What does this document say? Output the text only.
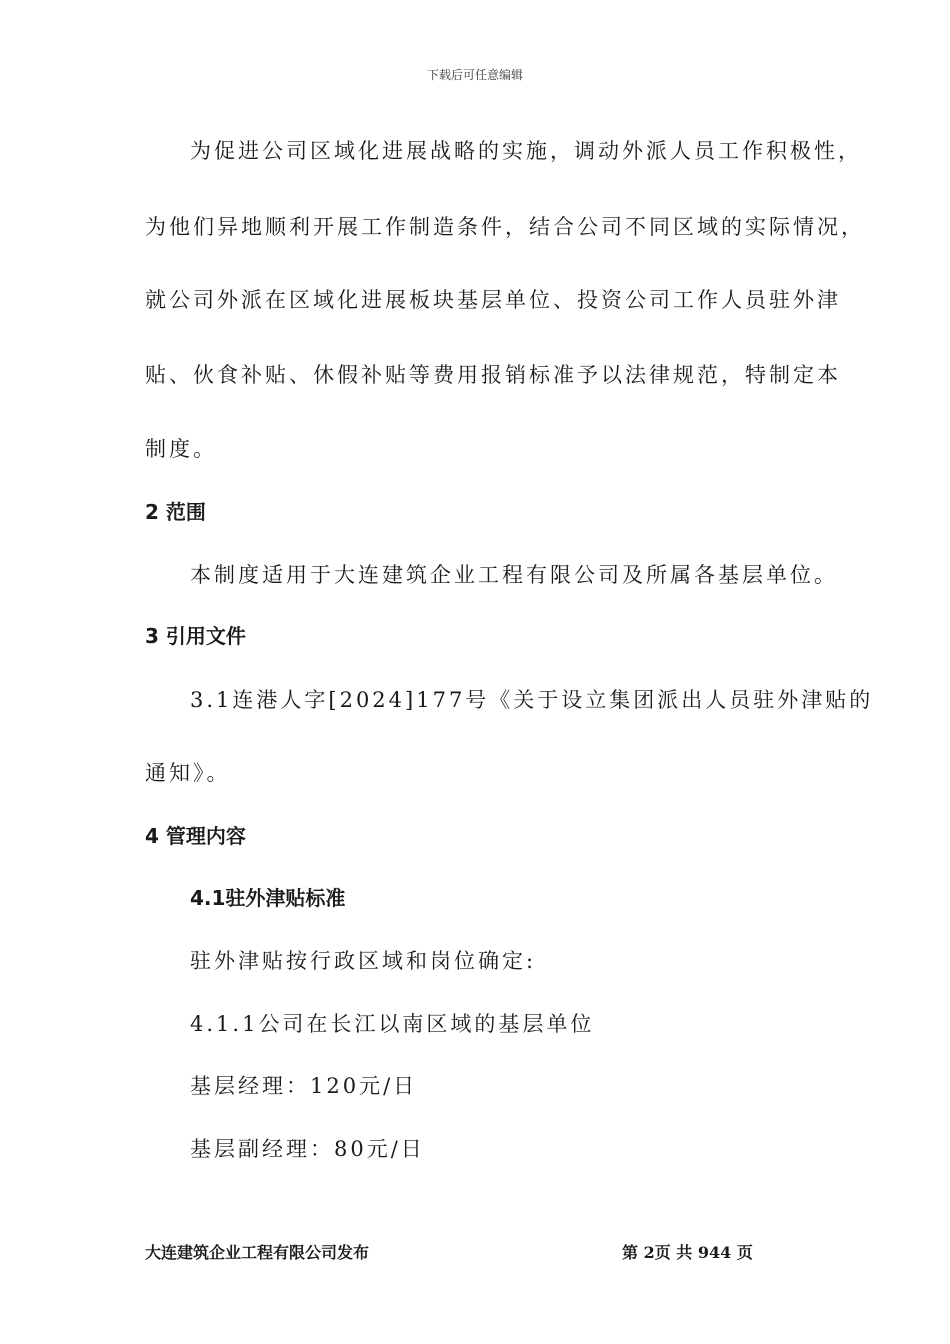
下载后可任意编辑
为促进公司区域化进展战略的实施，调动外派人员工作积极性，
为他们异地顺利开展工作制造条件，结合公司不同区域的实际情况，
就公司外派在区域化进展板块基层单位、投资公司工作人员驻外津
贴、伙食补贴、休假补贴等费用报销标准予以法律规范，特制定本
制度。
2 范围
本制度适用于大连建筑企业工程有限公司及所属各基层单位。
3 引用文件
3.1连港人字[2024]177号《关于设立集团派出人员驻外津贴的
通知》。
4 管理内容
4.1驻外津贴标准
驻外津贴按行政区域和岗位确定:
4.1.1公司在长江以南区域的基层单位
基层经理：120元/日
基层副经理：80元/日
大连建筑企业工程有限公司发布	第 2页 共 944 页
